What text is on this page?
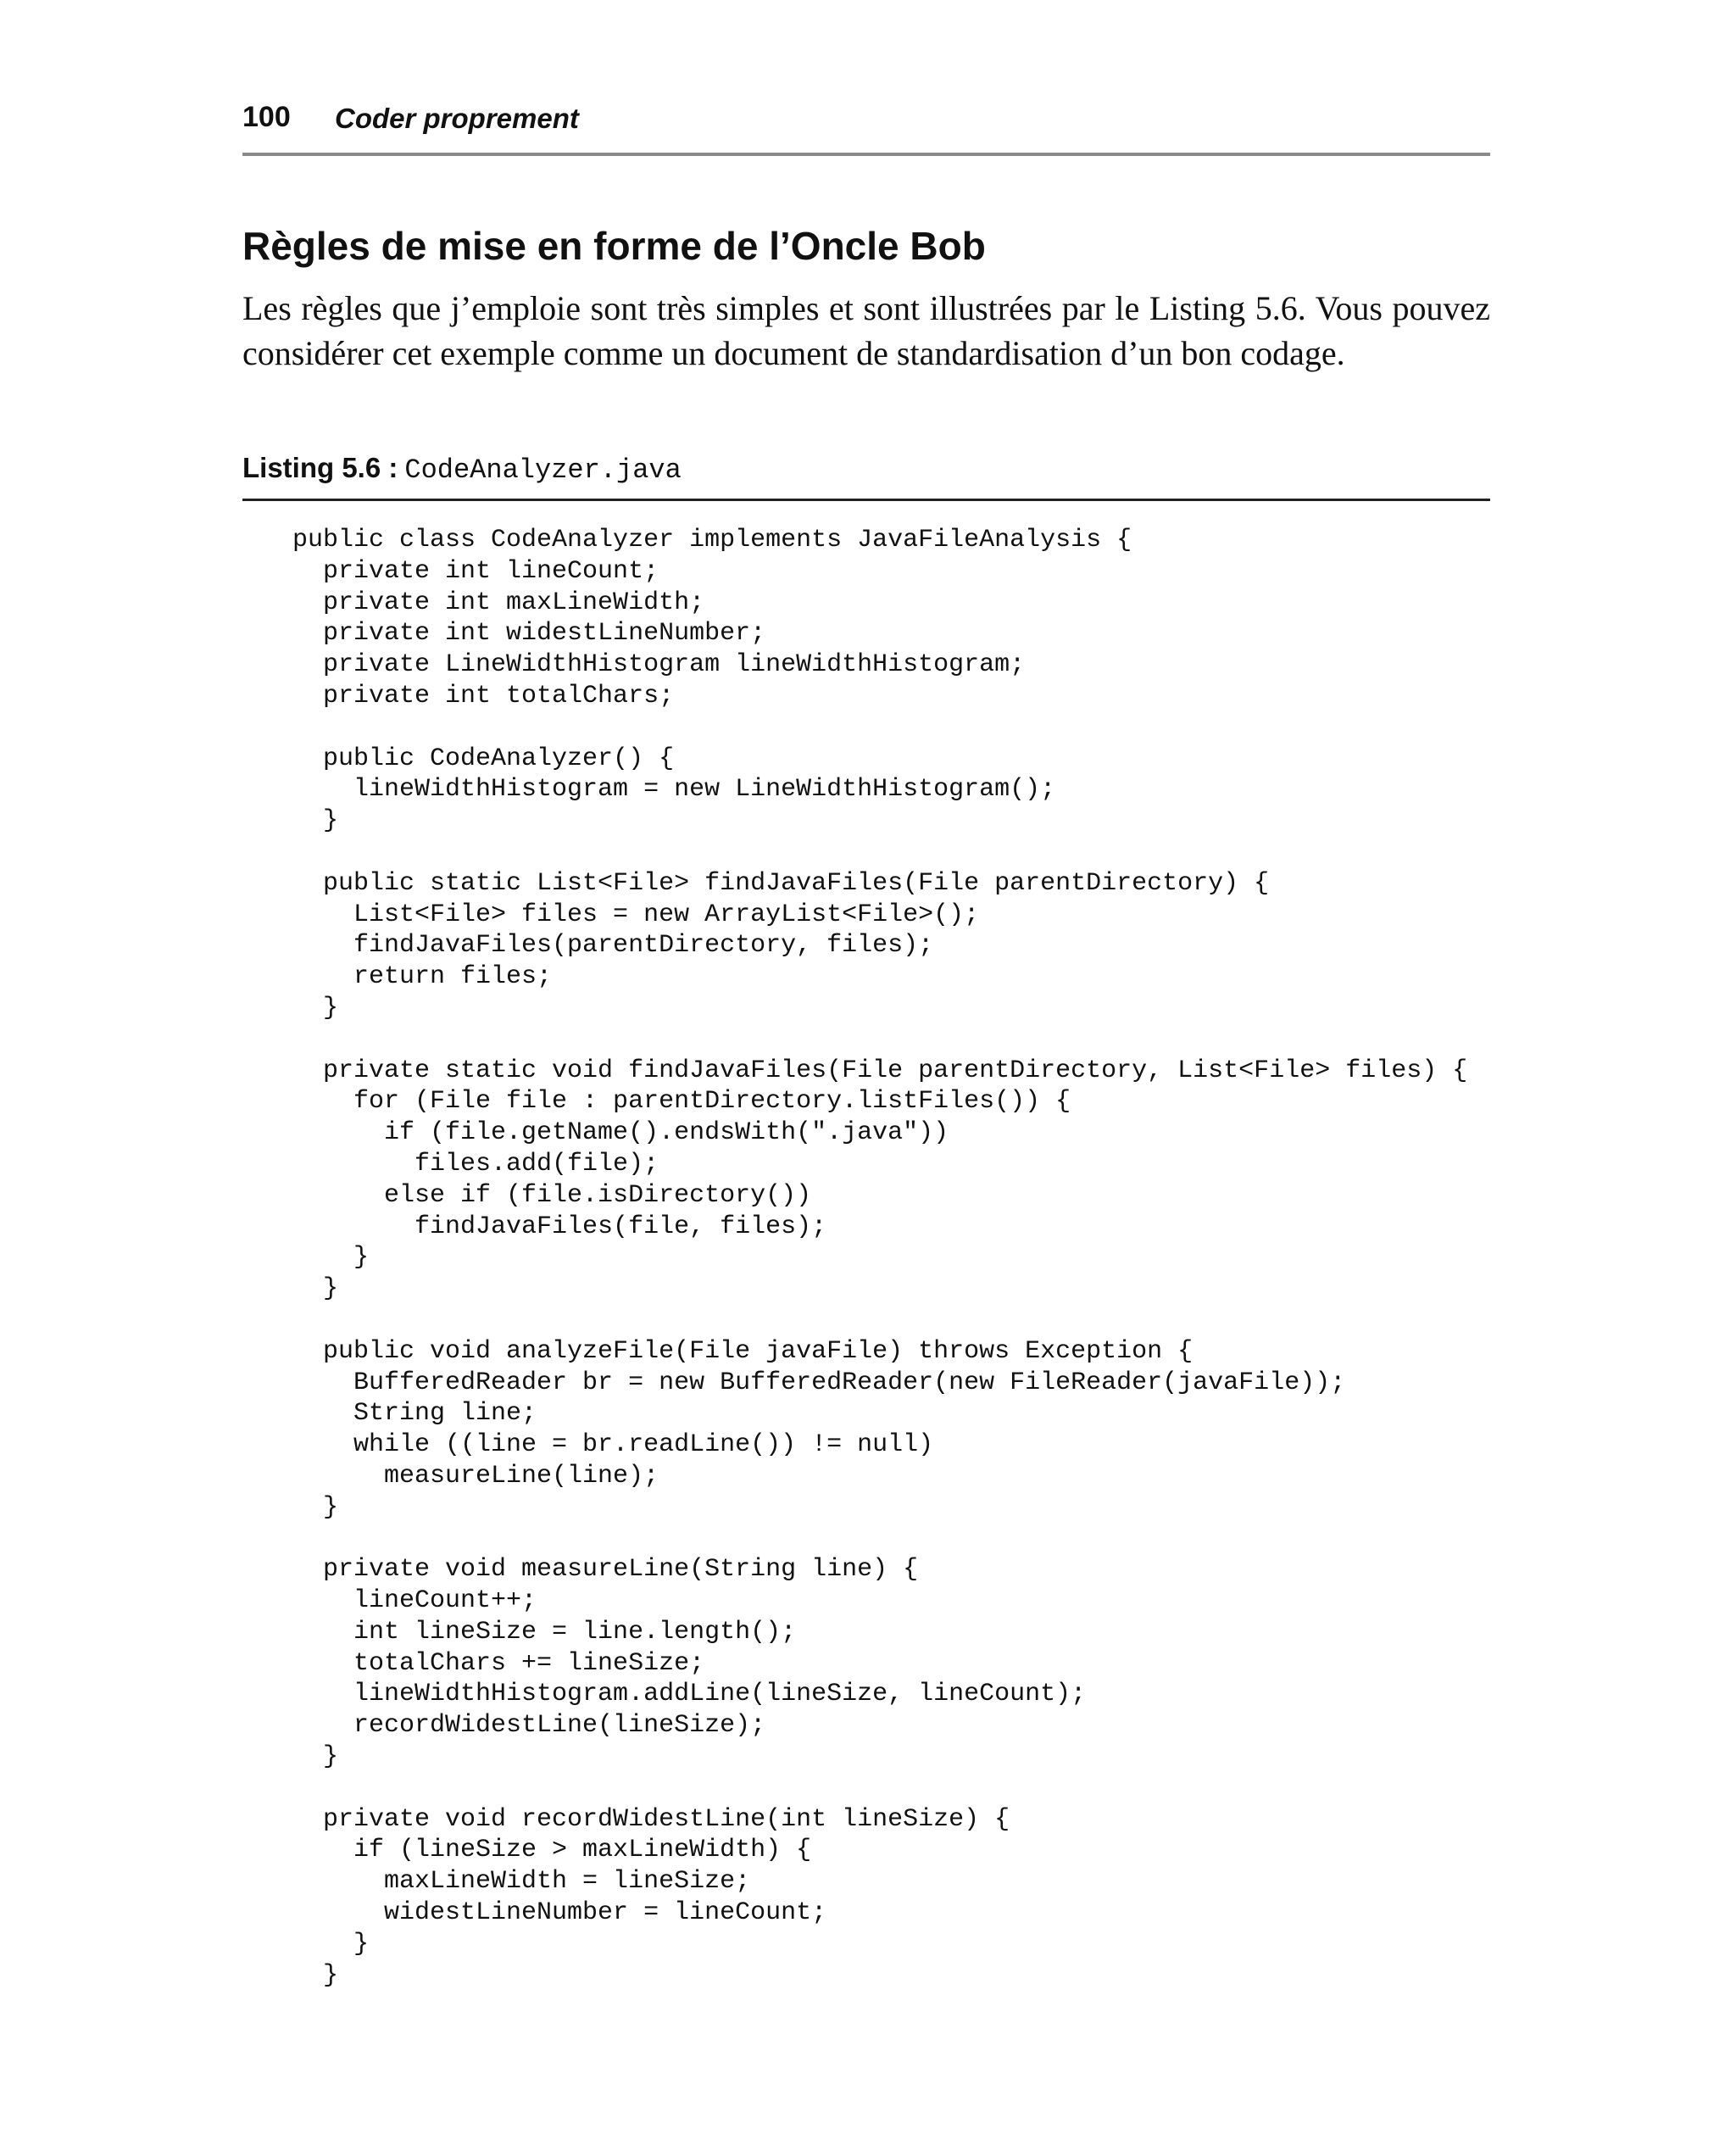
100 Coder proprement
Règles de mise en forme de l’Oncle Bob

Les règles que j’emploie sont très simples et sont illustrées par le Listing 5.6. Vous pouvez considérer cet exemple comme un document de standardisation d’un bon codage.

Listing 5.6 : CodeAnalyzer.java
public class CodeAnalyzer implements JavaFileAnalysis {
private int lineCount;
private int maxLineWidth;
private int widestLineNumber;
private LineWidthHistogram lineWidthHistogram;
private int totalChars;

public CodeAnalyzer() {
lineWidthHistogram = new LineWidthHistogram();
}

public static List<File> findJavaFiles(File parentDirectory) {
List<File> files = new ArrayList<File>();
findJavaFiles(parentDirectory, files);
return files;
}

private static void findJavaFiles(File parentDirectory, List<File> files) {
for (File file : parentDirectory.listFiles()) {
if (file.getName().endsWith(".java"))
files.add(file);
else if (file.isDirectory())
findJavaFiles(file, files);
}
}

public void analyzeFile(File javaFile) throws Exception {
BufferedReader br = new BufferedReader(new FileReader(javaFile));
String line;
while ((line = br.readLine()) != null)
measureLine(line);
}

private void measureLine(String line) {
lineCount++;
int lineSize = line.length();
totalChars += lineSize;
lineWidthHistogram.addLine(lineSize, lineCount);
recordWidestLine(lineSize);
}

private void recordWidestLine(int lineSize) {
if (lineSize > maxLineWidth) {
maxLineWidth = lineSize;
widestLineNumber = lineCount;
}
}
